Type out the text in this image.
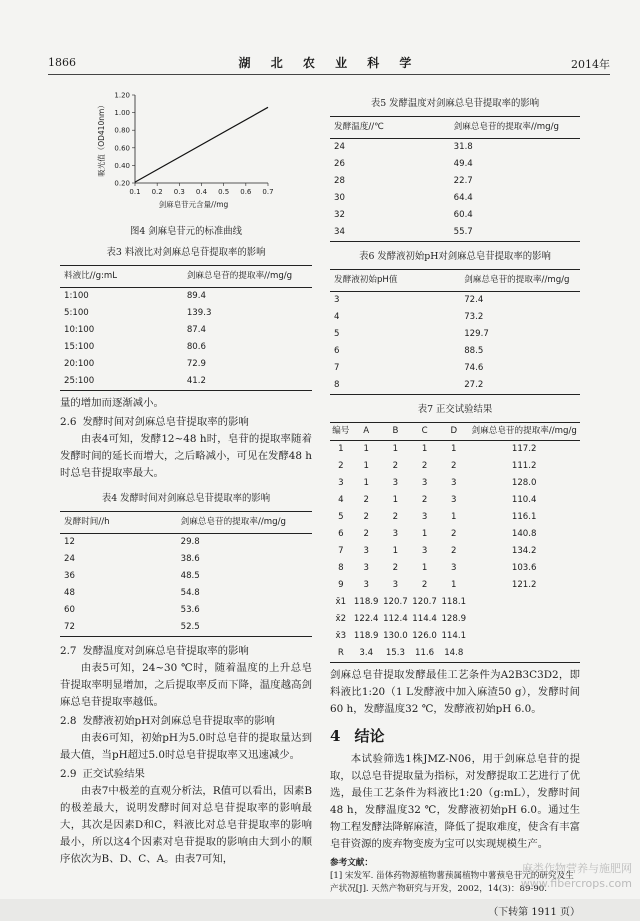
1866	湖 北 农 业 科 学	2014年
0.1 0.2 0.3 0.4 0.5 0.6 0.7
0.20
0.40
0.60
0.80
1.00
1.20
剑麻皂苷元含量//mg
吸光值（OD410nm）
图4 剑麻皂苷元的标准曲线
表3 料液比对剑麻总皂苷提取率的影响
料液比//g:mL	剑麻总皂苷的提取率//mg/g
1:100	89.4
5:100	139.3
10:100	87.4
15:100	80.6
20:100	72.9
25:100	41.2

量的增加而逐渐减小。

2.6 发酵时间对剑麻总皂苷提取率的影响

由表4可知，发酵12~48 h时，皂苷的提取率随着发酵时间的延长而增大，之后略减小，可见在发酵48 h时总皂苷提取率最大。

表4 发酵时间对剑麻总皂苷提取率的影响
发酵时间//h	剑麻总皂苷的提取率//mg/g
12	29.8
24	38.6
36	48.5
48	54.8
60	53.6
72	52.5
2.7 发酵温度对剑麻总皂苷提取率的影响

由表5可知，24~30 ℃时，随着温度的上升总皂苷提取率明显增加，之后提取率反而下降，温度越高剑麻总皂苷提取率越低。

2.8 发酵液初始pH对剑麻总皂苷提取率的影响

由表6可知，初始pH为5.0时总皂苷的提取量达到最大值，当pH超过5.0时总皂苷提取率又迅速减少。

2.9 正交试验结果

由表7中极差的直观分析法，R值可以看出，因素B的极差最大，说明发酵时间对总皂苷提取率的影响最大，其次是因素D和C，料液比对总皂苷提取率的影响最小，所以这4个因素对皂苷提取的影响由大到小的顺序依次为B、D、C、A。由表7可知，

表5 发酵温度对剑麻总皂苷提取率的影响
发酵温度//℃	剑麻总皂苷的提取率//mg/g
24	31.8
26	49.4
28	22.7
30	64.4
32	60.4
34	55.7
表6 发酵液初始pH对剑麻总皂苷提取率的影响
发酵液初始pH值	剑麻总皂苷的提取率//mg/g
3	72.4
4	73.2
5	129.7
6	88.5
7	74.6
8	27.2
表7 正交试验结果
编号	A	B	C	D	剑麻总皂苷的提取率//mg/g
1	1	1	1	1	117.2
2	1	2	2	2	111.2
3	1	3	3	3	128.0
4	2	1	2	3	110.4
5	2	2	3	1	116.1
6	2	3	1	2	140.8
7	3	1	3	2	134.2
8	3	2	1	3	103.6
9	3	3	2	1	121.2
x̄1	118.9	120.7	120.7	118.1	
x̄2	122.4	112.4	114.4	128.9	
x̄3	118.9	130.0	126.0	114.1	
R	3.4	15.3	11.6	14.8	

剑麻总皂苷提取发酵最佳工艺条件为A2B3C3D2，即料液比1:20（1 L发酵液中加入麻渣50 g），发酵时间60 h，发酵温度32 ℃，发酵液初始pH 6.0。

4 结论

本试验筛选1株JMZ-N06，用于剑麻总皂苷的提取，以总皂苷提取量为指标，对发酵提取工艺进行了优选，最佳工艺条件为料液比1:20（g:mL），发酵时间48 h，发酵温度32 ℃，发酵液初始pH 6.0。通过生物工程发酵法降解麻渣，降低了提取难度，使含有丰富皂苷资源的废弃物变废为宝可以实现规模生产。

参考文献：
[1] 宋发军. 甾体药物源植物薯蓣属植物中薯蓣皂苷元的研究及生产状况[J]. 天然产物研究与开发，2002，14(3)：89-90.
（下转第 1911 页）
麻类作物营养与施肥网
www.fibercrops.com
